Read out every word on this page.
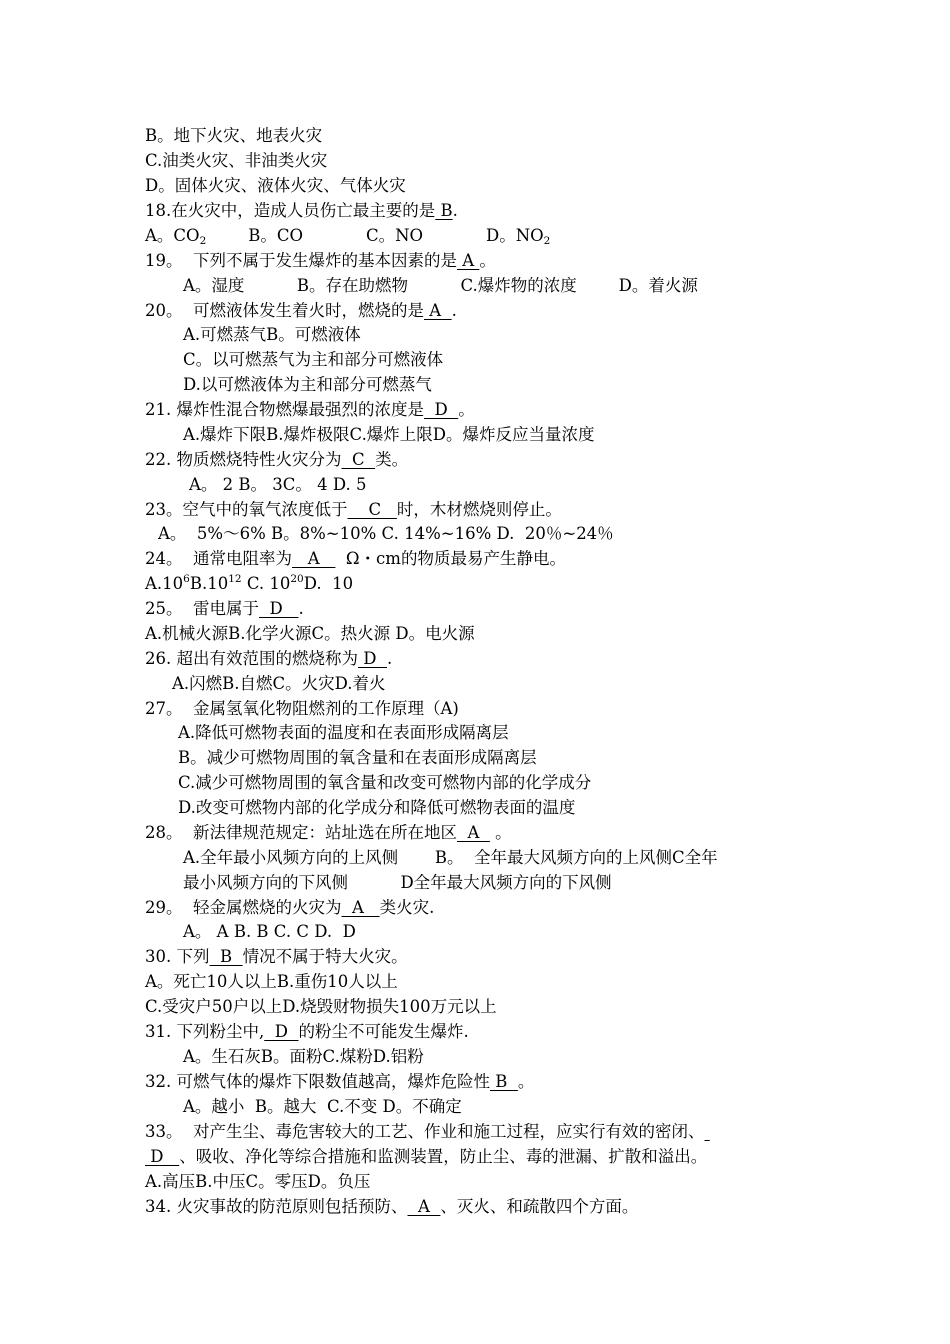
B。地下火灾、地表火灾
C.油类火灾、非油类火灾
D。固体火灾、液体火灾、气体火灾
18.在火灾中，造成人员伤亡最主要的是 B.
A。$CO_2$        B。CO            C。NO            D。$NO_2$
19。  下列不属于发生爆炸的基本因素的是 A 。
A。湿度          B。存在助燃物          C.爆炸物的浓度        D。着火源
20。  可燃液体发生着火时，燃烧的是 A  .
A.可燃蒸气B。可燃液体
C。以可燃蒸气为主和部分可燃液体
D.以可燃液体为主和部分可燃蒸气
21. 爆炸性混合物燃爆最强烈的浓度是  D  。
A.爆炸下限B.爆炸极限C.爆炸上限D。爆炸反应当量浓度
22. 物质燃烧特性火灾分为  C  类。
A。 2 B。 3C。 4 D. 5
23。空气中的氧气浓度低于    C   时，木材燃烧则停止。
A。  5%～6% B。8%~10% C. 14%~16% D.  20％~24％
24。  通常电阻率为   A     Ω・cm的物质最易产生静电。
$A.10^6B.10^{12}$ C. $10^{20}D$.  10
25。  雷电属于  D   .
A.机械火源B.化学火源C。热火源 D。电火源
26. 超出有效范围的燃烧称为 D  .
A.闪燃B.自燃C。火灾D.着火
27。  金属氢氧化物阻燃剂的工作原理（A)
A.降低可燃物表面的温度和在表面形成隔离层
B。减少可燃物周围的氧含量和在表面形成隔离层
C.减少可燃物周围的氧含量和改变可燃物内部的化学成分
D.改变可燃物内部的化学成分和降低可燃物表面的温度
28。  新法律规范规定：站址选在所在地区  A   。
A.全年最小风频方向的上风侧       B。  全年最大风频方向的上风侧C全年
最小风频方向的下风侧          D全年最大风频方向的下风侧
29。  轻金属燃烧的火灾为  A   类火灾.
A。 A B. B C. C D.  D
30. 下列  B  情况不属于特大火灾。
A。死亡10人以上B.重伤10人以上
C.受灾户50户以上D.烧毁财物损失100万元以上
31. 下列粉尘中,  D  的粉尘不可能发生爆炸.
A。生石灰B。面粉C.煤粉D.铝粉
32. 可燃气体的爆炸下限数值越高，爆炸危险性 B  。
A。越小  B。越大  C.不变 D。不确定
33。  对产生尘、毒危害较大的工艺、作业和施工过程，应实行有效的密闭、
D   、吸收、净化等综合措施和监测装置，防止尘、毒的泄漏、扩散和溢出。
A.高压B.中压C。零压D。负压
34. 火灾事故的防范原则包括预防、  A  、灭火、和疏散四个方面。
